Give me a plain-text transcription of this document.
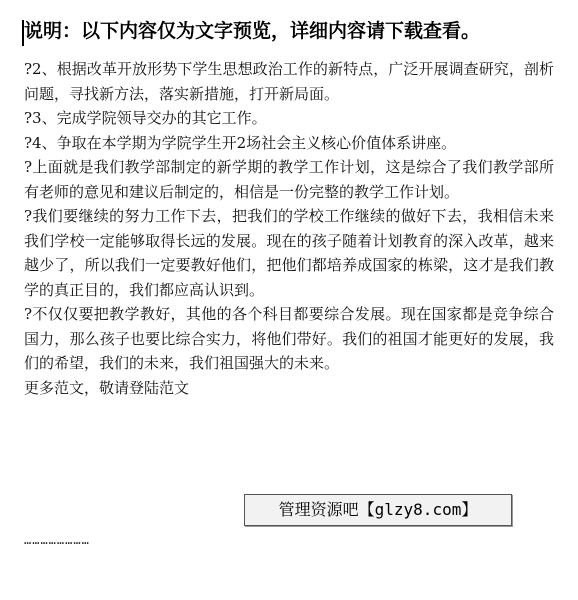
说明：以下内容仅为文字预览，详细内容请下载查看。

?2、根据改革开放形势下学生思想政治工作的新特点，广泛开展调查研究，剖析问题，寻找新方法，落实新措施，打开新局面。

?3、完成学院领导交办的其它工作。

?4、争取在本学期为学院学生开2场社会主义核心价值体系讲座。

?上面就是我们教学部制定的新学期的教学工作计划，这是综合了我们教学部所有老师的意见和建议后制定的，相信是一份完整的教学工作计划。

?我们要继续的努力工作下去，把我们的学校工作继续的做好下去，我相信未来我们学校一定能够取得长远的发展。现在的孩子随着计划教育的深入改革，越来越少了，所以我们一定要教好他们，把他们都培养成国家的栋梁，这才是我们教学的真正目的，我们都应高认识到。

?不仅仅要把教学教好，其他的各个科目都要综合发展。现在国家都是竞争综合国力，那么孩子也要比综合实力，将他们带好。我们的祖国才能更好的发展，我们的希望，我们的未来，我们祖国强大的未来。

更多范文，敬请登陆范文

……………………
管理资源吧【glzy8.com】
